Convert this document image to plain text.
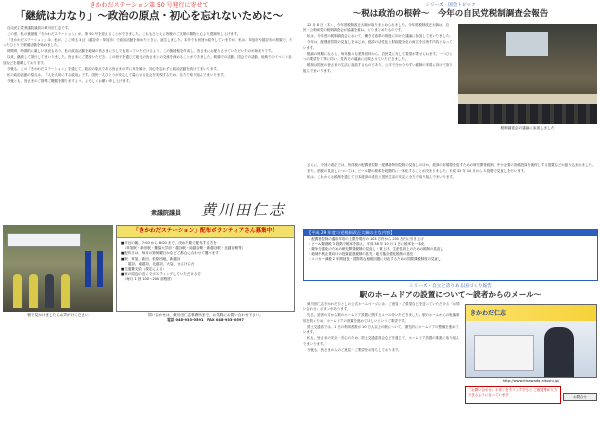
きかわだステーション第 50 号発行に寄せて
「継続は力なり」～政治の原点・初心を忘れないために～

自由民主党衆議院議員の黄川田仁志です。

この度、私の後援報『きかわだステーション』が、第 50 号を迎えることができました。これもひとえに皆様のご支援の賜物と心より感謝申し上げます。

『きかわだステーション』は、私が、ここ埼玉 3 区（越谷市・草加市）で政治活動を始めたときに、誕生しました。本号でも何回か紹介していますが、私は、草加市や越谷市の駅頭で、たったひとりで駅頭活動を始めました。

時間帯、時期的に厳しい状況もあり、私の政治活動を地域の皆さまに少しでも知っていただけるよう、この後援報を作成し、皆さまにお配りさせていただいたのが始まりです。

以来、継続して発行してまいりました。皆さまにご愛読いただき、この冊子を通じて地元の皆さまとの交流を深めることができました。駅頭での活動、国会での活動、地域でのイベント参加などを掲載しております。

今後も、この『きかわだステーション』を通じて、政治の原点である皆さまの声に耳を傾け、初心を忘れずに政治活動を続けてまいります。

私の政治活動の原点は、『人を大切にする政治』です。国民一人ひとりが安心して暮らせる社会を実現するため、全力で取り組んでまいります。

今後とも、皆さまのご指導ご鞭撻を賜りますよう、よろしくお願い申し上げます。

衆議院議員 黄川田仁志
駅で見かけましたらお声がけください
「きかわだステーション」配布ボランティアさん募集中！
■平日の朝、7:00 から 8:00 まで、決めた駅で配布する方を
　（草加駅・新田駅・獨協大学前・越谷駅・南越谷駅・新越谷駅・北越谷駅等）
■配布日は、毎月の第何曜日かなどご都合に合わせて選べます
■駅：草加、新田、松原団地、新越谷
　　越谷、南越谷、北越谷、大袋、せんげん台
■交通費支給（規定による）
■家の周辺の近くでポスティングしていただける方
　（毎月 1 回 100～200 部程度）
問い合わせは、黄川田仁志事務所まで、お気軽にお問い合わせ下さい。
電話 048-933-0591　FAX 048-933-0597
シリーズ・国会トピック
～税は政治の根幹～　今年の自民党税制調査会報告

12 月 8 日（木）、今年度税制改正大綱が取りまとめられました。今年度税制改正大綱は、自民・公明両党の税制調査会が協議を重ね、とりまとめたものです。

私は、今年度の税制調査会において、働き方改革の推進に向けた議論に参加してまいりました。

今年は、配偶者控除の見直しをはじめ、経済の活性化と財政健全化の両立を目指す内容となっています。

税調の時期になると、毎年様々な業界団体から、自民党に対して要望が寄せられます。一つひとつの要望を丁寧に伺い、党内での議論に反映させていただきました。

税制は国民の皆さまの生活に直結するものであり、公平で分かりやすい税制の実現に向けて取り組んでまいります。

税制調査会の議論に参加しました

さらに、今回の改正では、所得税の配偶者控除・配偶者特別控除の見直しのほか、経済の好循環を促すための研究開発税制、中小企業の設備投資を後押しする措置などが盛り込まれました。

また、酒税の見直しについては、ビール類の税率を段階的に一本化することが決まりました。平成 32 年 10 月から 3 段階で見直しを行います。

私は、これからも税制を通じて日本経済の成長と国民生活の安定に全力で取り組んでまいります。

【平成 29 年度与党税制改正大綱の主な内容】
・配偶者控除の適用年収の上限を現行の 103 万円から 150 万円に引き上げ
・ビール類酒税 3 段階で税率を揃え、平成 38 年 10 月 1 日に税率を一本化
・競争力強化のための研究開発税制の見直し・賃上げ、生産性向上のための税制の見直し
・地域中核企業向けの投資促進税制の拡充・地方拠点強化税制の延長
・エコカー減税 2 年間延長・国際的な租税回避に対応するための国際課税制度の見直し
シリーズ・自立と誇りある国づくり報告
駅のホームドアの設置について～読者からのメール～

黄川田仁志きかわだひとしの公式ホームページには、ご意見・ご要望などを送っていただける「お問い合わせ」ボタンがあります。

先日、読者の方から駅のホームドア設置に関するメールをいただきました。駅のホームからの転落事故を防ぐため、ホームドアの設置を進めてほしいというご要望です。

国土交通省では、1 日の利用者数が 10 万人以上の駅について、優先的にホームドアの整備を進めています。

私も、皆さまの安全・安心のため、国土交通委員会などを通じて、ホームドア設置の推進に取り組んでまいります。

今後も、皆さまからのご意見・ご要望をお待ちしております。

きかわだ仁志
http://www.kikawada-hitoshi.jp/
「お問い合わせ」ボタンをクリックすると ご意見等が入力できるようになっています
お問合せ
